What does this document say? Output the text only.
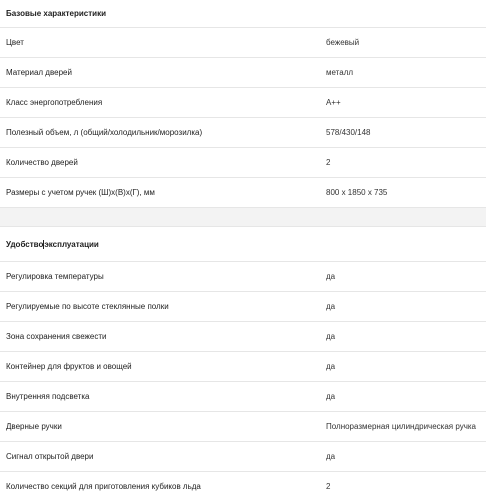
Базовые характеристики
Цвет	бежевый
Материал дверей	металл
Класс энергопотребления	A++
Полезный объем, л (общий/холодильник/морозилка)	578/430/148
Количество дверей	2
Размеры с учетом ручек (Ш)х(В)х(Г), мм	800 x 1850 x 735
Удобство эксплуатации
Регулировка температуры	да
Регулируемые по высоте стеклянные полки	да
Зона сохранения свежести	да
Контейнер для фруктов и овощей	да
Внутренняя подсветка	да
Дверные ручки	Полноразмерная цилиндрическая ручка
Сигнал открытой двери	да
Количество секций для приготовления кубиков льда	2
